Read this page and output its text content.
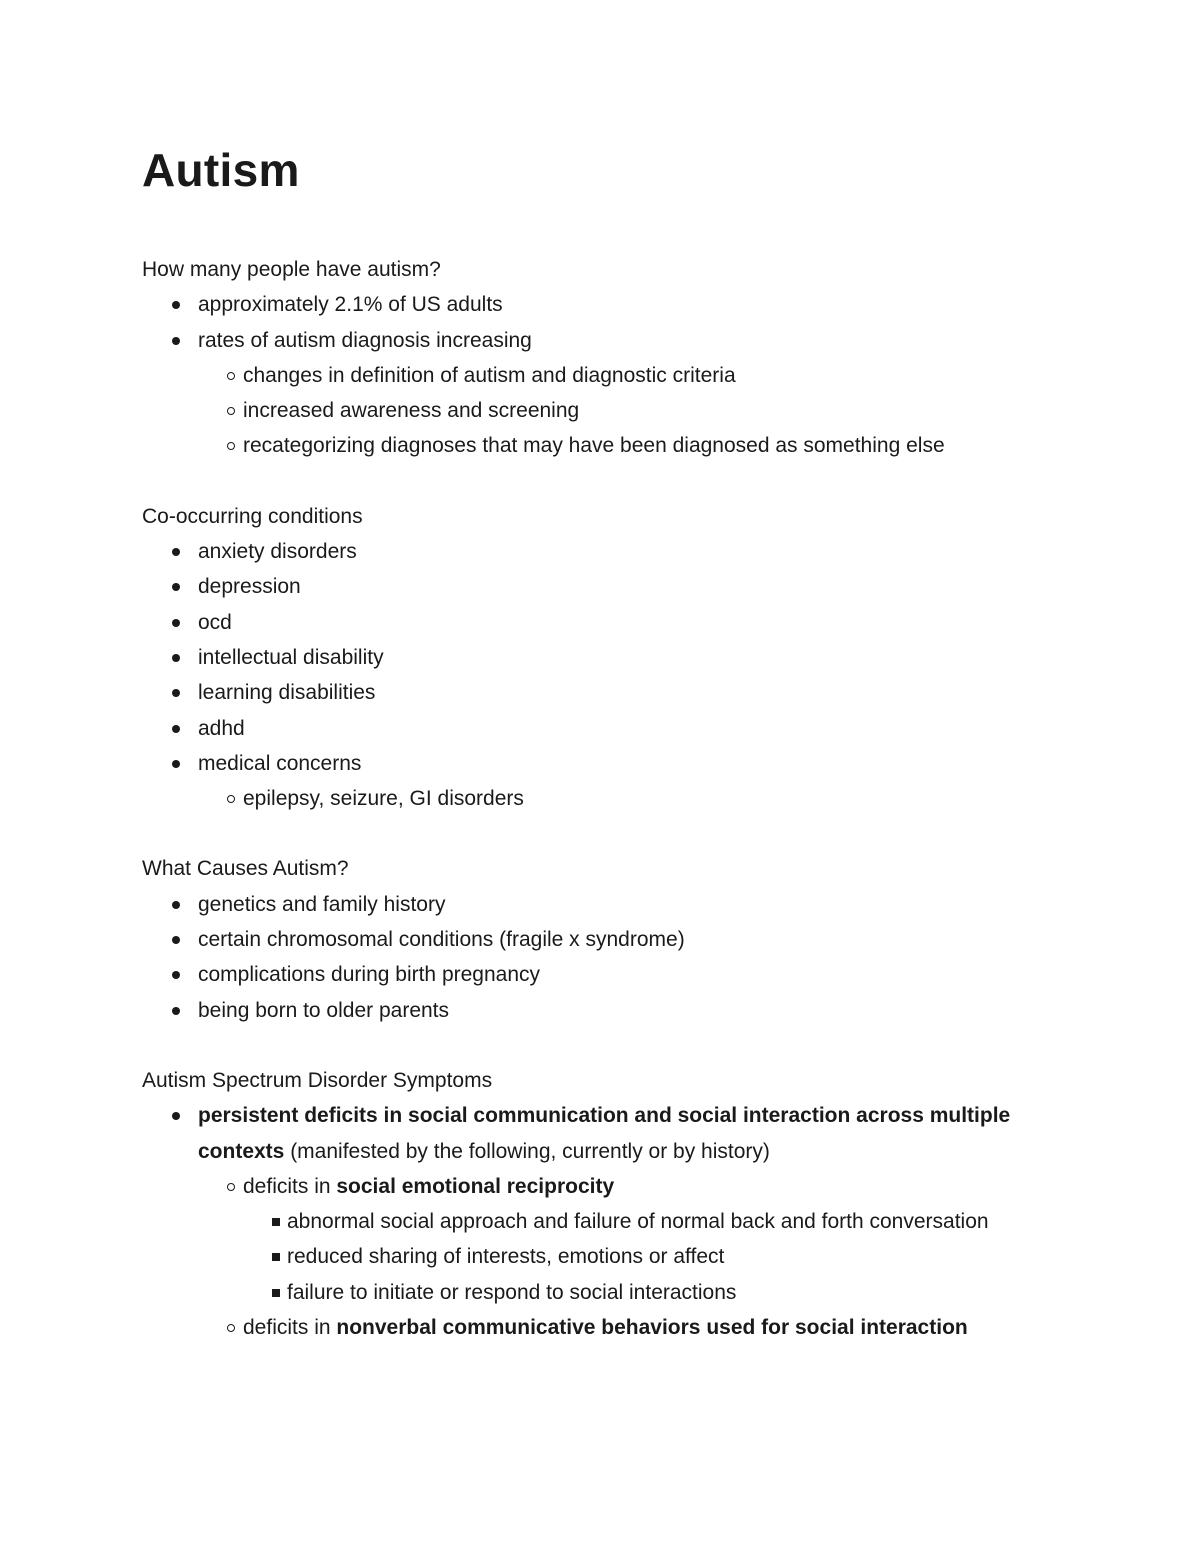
Autism
How many people have autism?
approximately 2.1% of US adults
rates of autism diagnosis increasing
changes in definition of autism and diagnostic criteria
increased awareness and screening
recategorizing diagnoses that may have been diagnosed as something else
Co-occurring conditions
anxiety disorders
depression
ocd
intellectual disability
learning disabilities
adhd
medical concerns
epilepsy, seizure, GI disorders
What Causes Autism?
genetics and family history
certain chromosomal conditions (fragile x syndrome)
complications during birth pregnancy
being born to older parents
Autism Spectrum Disorder Symptoms
persistent deficits in social communication and social interaction across multiple contexts (manifested by the following, currently or by history)
deficits in social emotional reciprocity
abnormal social approach and failure of normal back and forth conversation
reduced sharing of interests, emotions or affect
failure to initiate or respond to social interactions
deficits in nonverbal communicative behaviors used for social interaction
